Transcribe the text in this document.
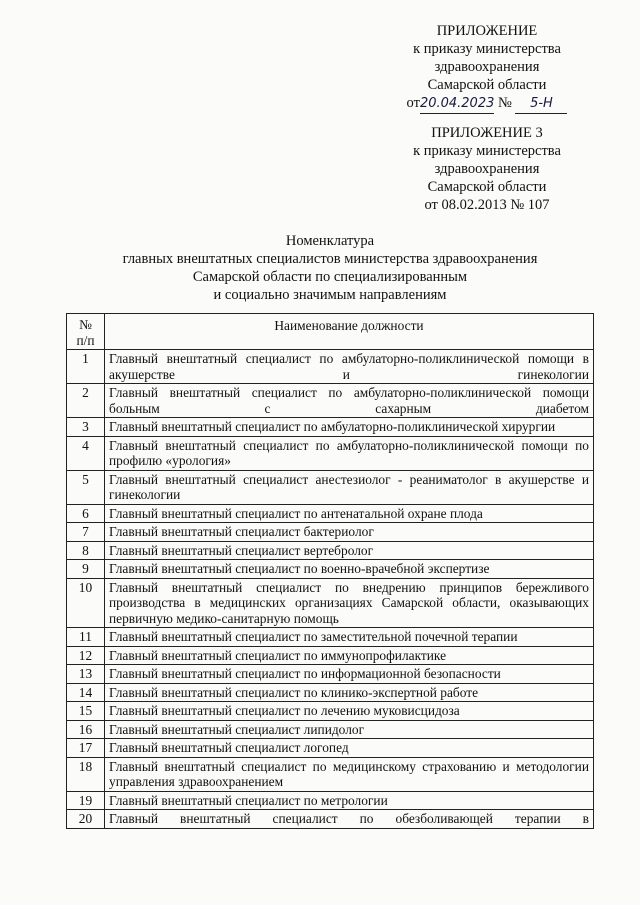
ПРИЛОЖЕНИЕ
к приказу министерства
здравоохранения
Самарской области
от20.04.2023 № 5-Н
ПРИЛОЖЕНИЕ 3
к приказу министерства
здравоохранения
Самарской области
от 08.02.2013 № 107
Номенклатура
главных внештатных специалистов министерства здравоохранения
Самарской области по специализированным
и социально значимым направлениям
№
п/п	Наименование должности
1	Главный внештатный специалист по амбулаторно-поликлинической помощи в акушерстве и гинекологии
2	Главный внештатный специалист по амбулаторно-поликлинической помощи больным с сахарным диабетом
3	Главный внештатный специалист по амбулаторно-поликлинической хирургии
4	Главный внештатный специалист по амбулаторно-поликлинической помощи по профилю «урология»
5	Главный внештатный специалист анестезиолог - реаниматолог в акушерстве и гинекологии
6	Главный внештатный специалист по антенатальной охране плода
7	Главный внештатный специалист бактериолог
8	Главный внештатный специалист вертебролог
9	Главный внештатный специалист по военно-врачебной экспертизе
10	Главный внештатный специалист по внедрению принципов бережливого производства в медицинских организациях Самарской области, оказывающих первичную медико-санитарную помощь
11	Главный внештатный специалист по заместительной почечной терапии
12	Главный внештатный специалист по иммунопрофилактике
13	Главный внештатный специалист по информационной безопасности
14	Главный внештатный специалист по клинико-экспертной работе
15	Главный внештатный специалист по лечению муковисцидоза
16	Главный внештатный специалист липидолог
17	Главный внештатный специалист логопед
18	Главный внештатный специалист по медицинскому страхованию и методологии управления здравоохранением
19	Главный внештатный специалист по метрологии
20	Главный внештатный специалист по обезболивающей терапии в
